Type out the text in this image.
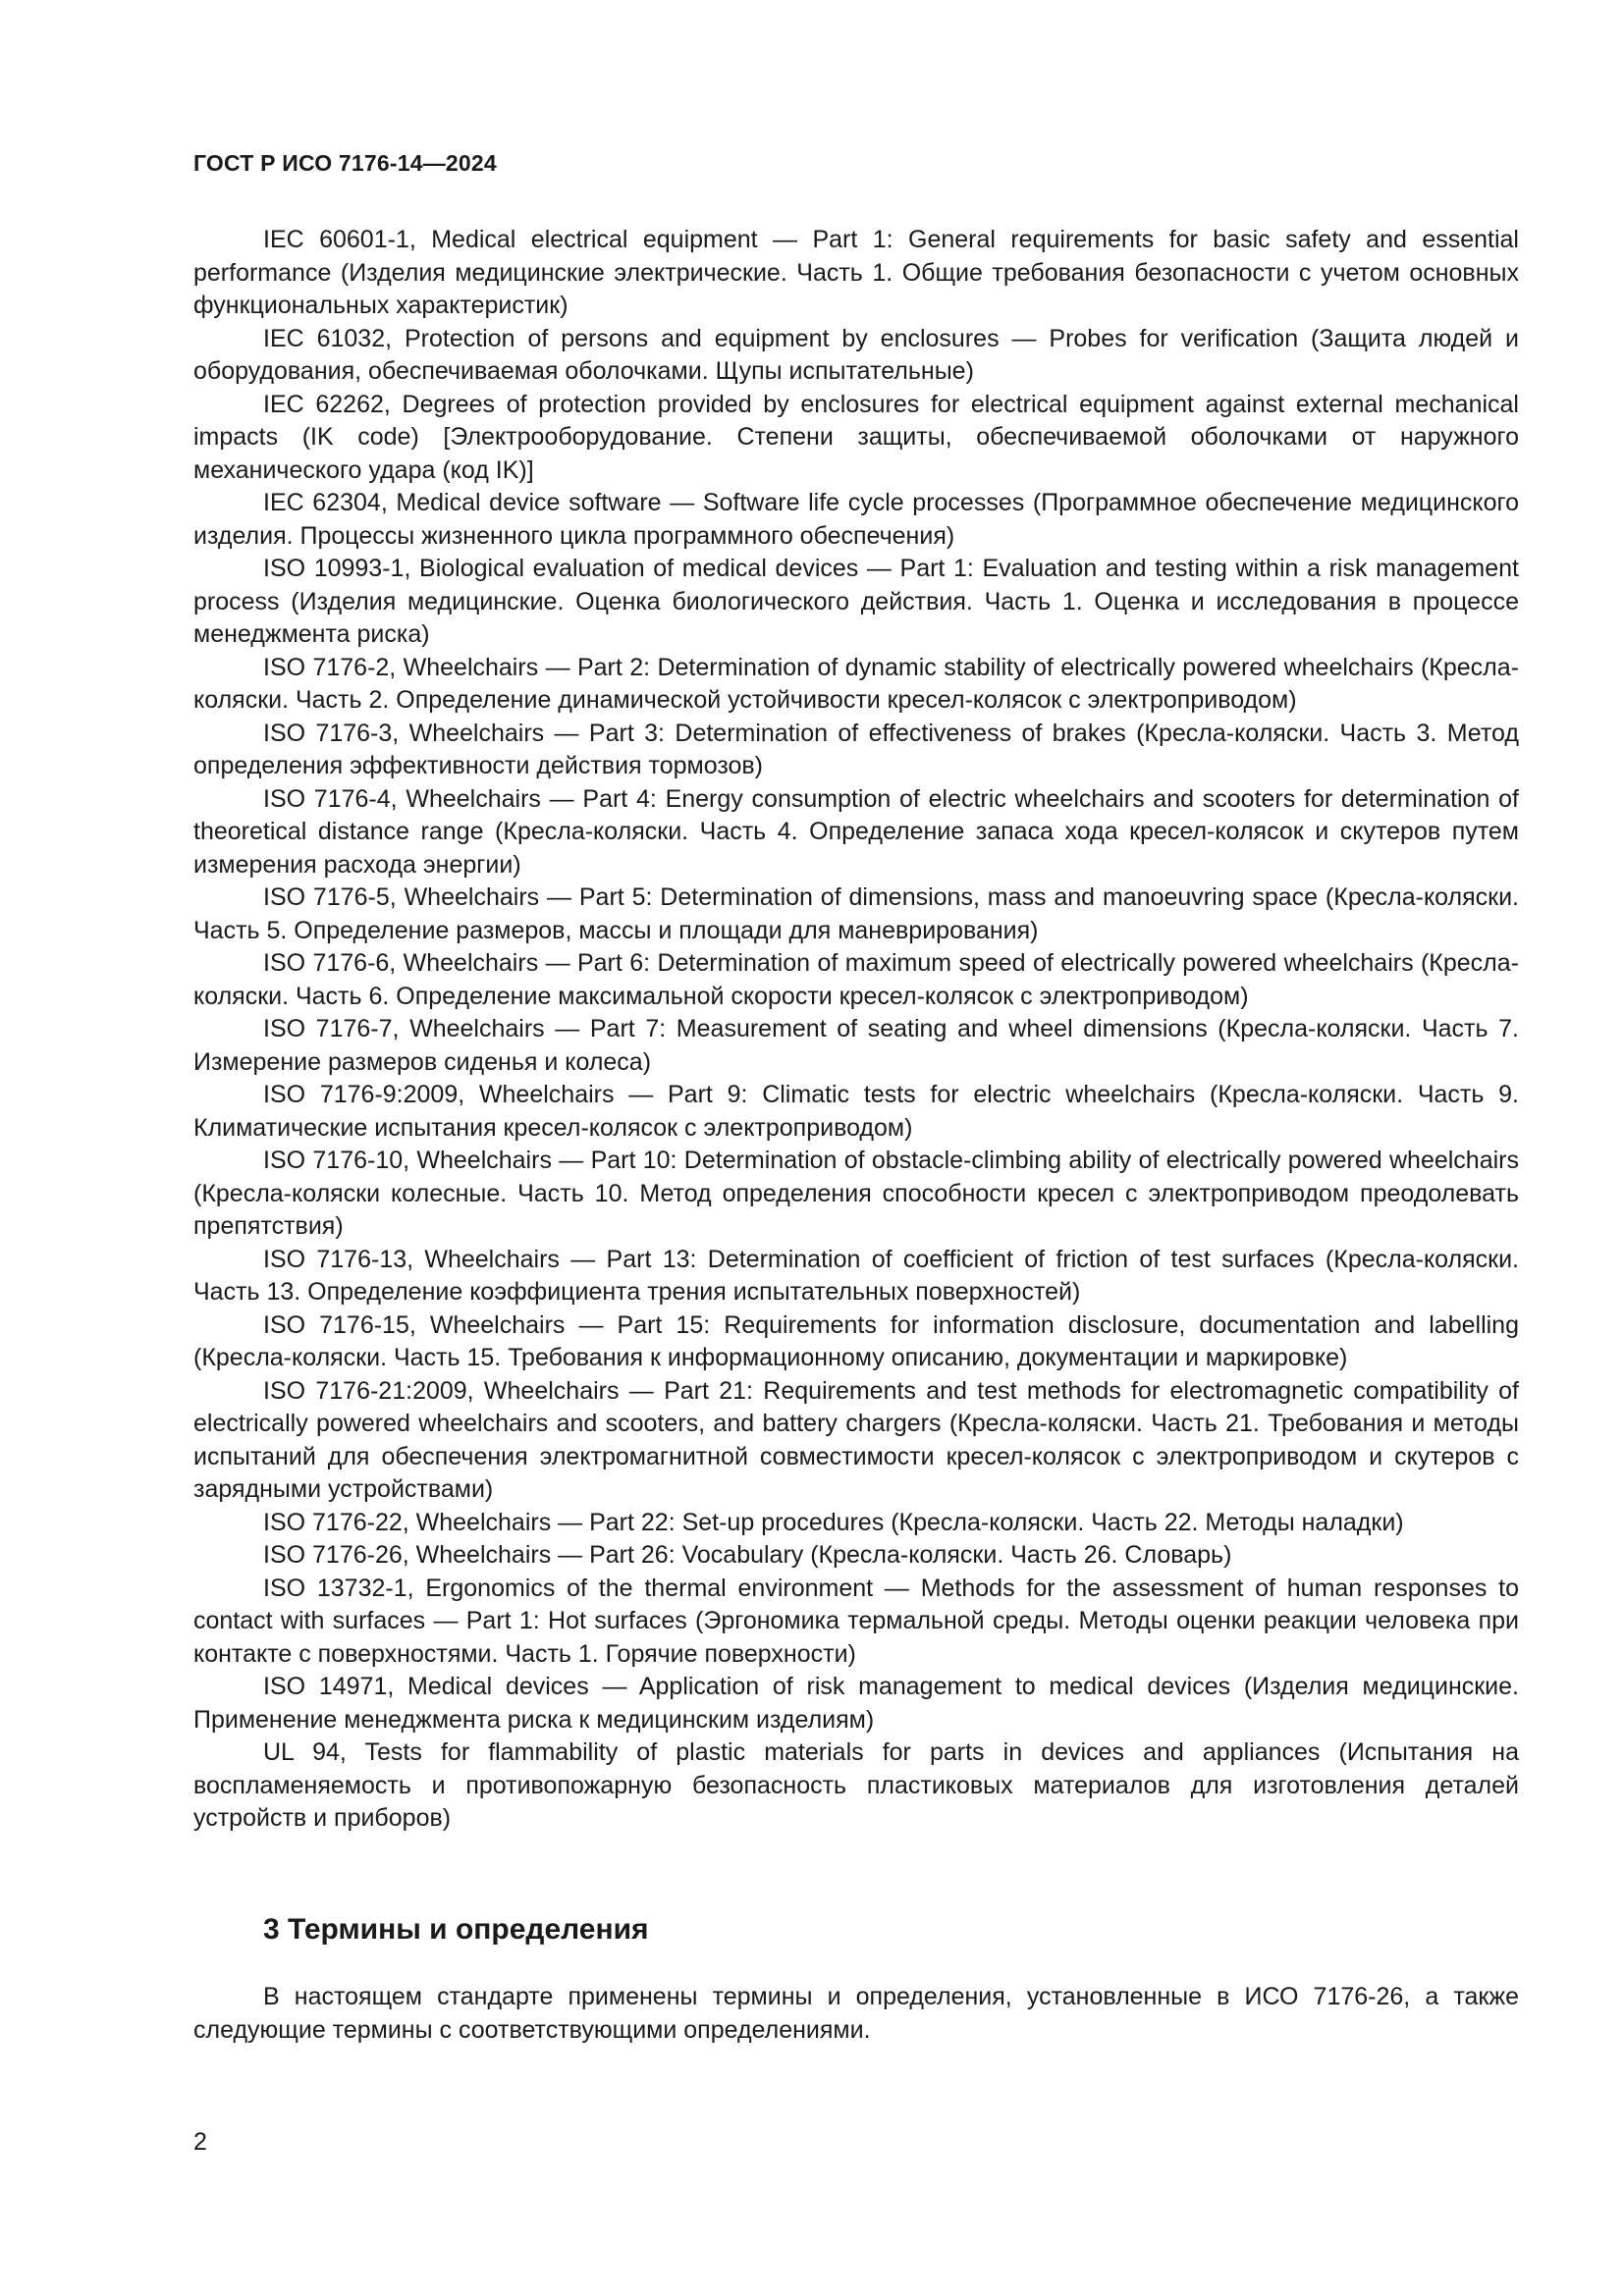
ГОСТ Р ИСО 7176-14—2024
IEC 60601-1, Medical electrical equipment — Part 1: General requirements for basic safety and essential performance (Изделия медицинские электрические. Часть 1. Общие требования безопасности с учетом основных функциональных характеристик)
IEC 61032, Protection of persons and equipment by enclosures — Probes for verification (Защита людей и оборудования, обеспечиваемая оболочками. Щупы испытательные)
IEC 62262, Degrees of protection provided by enclosures for electrical equipment against external mechanical impacts (IK code) [Электрооборудование. Степени защиты, обеспечиваемой оболочками от наружного механического удара (код IK)]
IEC 62304, Medical device software — Software life cycle processes (Программное обеспечение медицинского изделия. Процессы жизненного цикла программного обеспечения)
ISO 10993-1, Biological evaluation of medical devices — Part 1: Evaluation and testing within a risk management process (Изделия медицинские. Оценка биологического действия. Часть 1. Оценка и исследования в процессе менеджмента риска)
ISO 7176-2, Wheelchairs — Part 2: Determination of dynamic stability of electrically powered wheelchairs (Кресла-коляски. Часть 2. Определение динамической устойчивости кресел-колясок с электроприводом)
ISO 7176-3, Wheelchairs — Part 3: Determination of effectiveness of brakes (Кресла-коляски. Часть 3. Метод определения эффективности действия тормозов)
ISO 7176-4, Wheelchairs — Part 4: Energy consumption of electric wheelchairs and scooters for determination of theoretical distance range (Кресла-коляски. Часть 4. Определение запаса хода кресел-колясок и скутеров путем измерения расхода энергии)
ISO 7176-5, Wheelchairs — Part 5: Determination of dimensions, mass and manoeuvring space (Кресла-коляски. Часть 5. Определение размеров, массы и площади для маневрирования)
ISO 7176-6, Wheelchairs — Part 6: Determination of maximum speed of electrically powered wheelchairs (Кресла-коляски. Часть 6. Определение максимальной скорости кресел-колясок с электроприводом)
ISO 7176-7, Wheelchairs — Part 7: Measurement of seating and wheel dimensions (Кресла-коляски. Часть 7. Измерение размеров сиденья и колеса)
ISO 7176-9:2009, Wheelchairs — Part 9: Climatic tests for electric wheelchairs (Кресла-коляски. Часть 9. Климатические испытания кресел-колясок с электроприводом)
ISO 7176-10, Wheelchairs — Part 10: Determination of obstacle-climbing ability of electrically powered wheelchairs (Кресла-коляски колесные. Часть 10. Метод определения способности кресел с электроприводом преодолевать препятствия)
ISO 7176-13, Wheelchairs — Part 13: Determination of coefficient of friction of test surfaces (Кресла-коляски. Часть 13. Определение коэффициента трения испытательных поверхностей)
ISO 7176-15, Wheelchairs — Part 15: Requirements for information disclosure, documentation and labelling (Кресла-коляски. Часть 15. Требования к информационному описанию, документации и маркировке)
ISO 7176-21:2009, Wheelchairs — Part 21: Requirements and test methods for electromagnetic compatibility of electrically powered wheelchairs and scooters, and battery chargers (Кресла-коляски. Часть 21. Требования и методы испытаний для обеспечения электромагнитной совместимости кресел-колясок с электроприводом и скутеров с зарядными устройствами)
ISO 7176-22, Wheelchairs — Part 22: Set-up procedures (Кресла-коляски. Часть 22. Методы наладки)
ISO 7176-26, Wheelchairs — Part 26: Vocabulary (Кресла-коляски. Часть 26. Словарь)
ISO 13732-1, Ergonomics of the thermal environment — Methods for the assessment of human responses to contact with surfaces — Part 1: Hot surfaces (Эргономика термальной среды. Методы оценки реакции человека при контакте с поверхностями. Часть 1. Горячие поверхности)
ISO 14971, Medical devices — Application of risk management to medical devices (Изделия медицинские. Применение менеджмента риска к медицинским изделиям)
UL 94, Tests for flammability of plastic materials for parts in devices and appliances (Испытания на воспламеняемость и противопожарную безопасность пластиковых материалов для изготовления деталей устройств и приборов)
3 Термины и определения

В настоящем стандарте применены термины и определения, установленные в ИСО 7176-26, а также следующие термины с соответствующими определениями.

2
